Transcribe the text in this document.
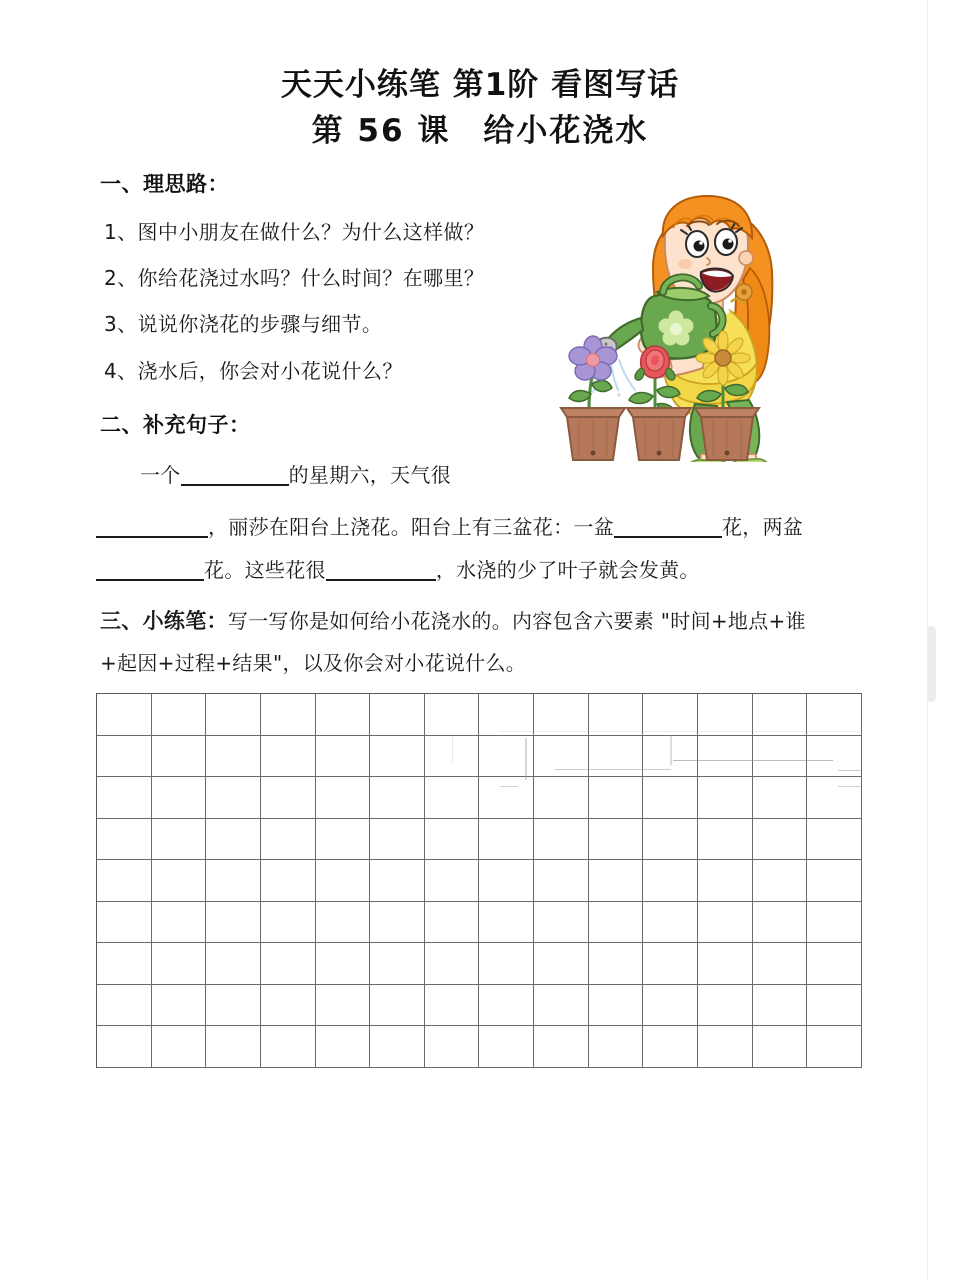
天天小练笔 第1阶 看图写话
第 56 课　给小花浇水
一、理思路：
1、图中小朋友在做什么？为什么这样做？
2、你给花浇过水吗？什么时间？在哪里？
3、说说你浇花的步骤与细节。
4、浇水后，你会对小花说什么？
二、补充句子：
一个	的星期六，天气很
，丽莎在阳台上浇花。阳台上有三盆花：一盆	花，两盆
花。这些花很	，水浇的少了叶子就会发黄。
三、小练笔：写一写你是如何给小花浇水的。内容包含六要素 "时间+地点+谁
+起因+过程+结果"，以及你会对小花说什么。
